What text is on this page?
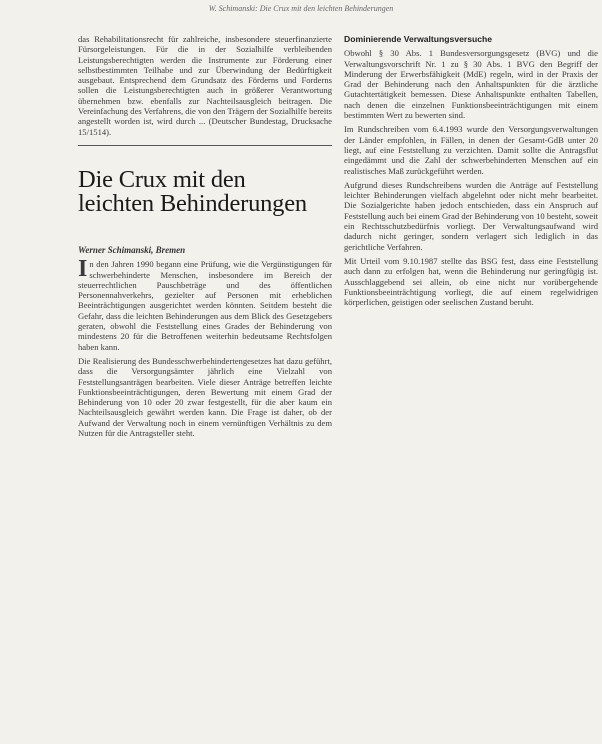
W. Schimanski: Die Crux mit den leichten Behinderungen

das Rehabilitationsrecht für zahlreiche, insbesondere steuerfinanzierte Fürsorgeleistungen. Für die in der Sozialhilfe verbleibenden Leistungsberechtigten werden die Instrumente zur Förderung einer selbstbestimmten Teilhabe und zur Überwindung der Bedürftigkeit ausgebaut. Entsprechend dem Grundsatz des Förderns und Forderns sollen die Leistungsberechtigten auch in größerer Verantwortung übernehmen bzw. ebenfalls zur Nachteilsausgleich beitragen. Die Vereinfachung des Verfahrens, die von den Trägern der Sozialhilfe bereits angestellt worden ist, wird durch ... (Deutscher Bundestag, Drucksache 15/1514).

Die Crux mit den
leichten Behinderungen

Werner Schimanski, Bremen

In den Jahren 1990 begann eine Prüfung, wie die Vergünstigungen für schwerbehinderte Menschen, insbesondere im Bereich der steuerrechtlichen Pauschbeträge und des öffentlichen Personennahverkehrs, gezielter auf Personen mit erheblichen Beeinträchtigungen ausgerichtet werden könnten. Seitdem besteht die Gefahr, dass die leichten Behinderungen aus dem Blick des Gesetzgebers geraten, obwohl die Feststellung eines Grades der Behinderung von mindestens 20 für die Betroffenen weiterhin bedeutsame Rechtsfolgen haben kann.

Die Realisierung des Bundesschwerbehindertengesetzes hat dazu geführt, dass die Versorgungsämter jährlich eine Vielzahl von Feststellungsanträgen bearbeiten. Viele dieser Anträge betreffen leichte Funktionsbeeinträchtigungen, deren Bewertung mit einem Grad der Behinderung von 10 oder 20 zwar festgestellt, für die aber kaum ein Nachteilsausgleich gewährt werden kann. Die Frage ist daher, ob der Aufwand der Verwaltung noch in einem vernünftigen Verhältnis zu dem Nutzen für die Antragsteller steht.

Dominierende Verwaltungsversuche

Obwohl § 30 Abs. 1 Bundesversorgungsgesetz (BVG) und die Verwaltungsvorschrift Nr. 1 zu § 30 Abs. 1 BVG den Begriff der Minderung der Erwerbsfähigkeit (MdE) regeln, wird in der Praxis der Grad der Behinderung nach den Anhaltspunkten für die ärztliche Gutachtertätigkeit bemessen. Diese Anhaltspunkte enthalten Tabellen, nach denen die einzelnen Funktionsbeeinträchtigungen mit einem bestimmten Wert zu bewerten sind.

Im Rundschreiben vom 6.4.1993 wurde den Versorgungsverwaltungen der Länder empfohlen, in Fällen, in denen der Gesamt-GdB unter 20 liegt, auf eine Feststellung zu verzichten. Damit sollte die Antragsflut eingedämmt und die Zahl der schwerbehinderten Menschen auf ein realistisches Maß zurückgeführt werden.

Aufgrund dieses Rundschreibens wurden die Anträge auf Feststellung leichter Behinderungen vielfach abgelehnt oder nicht mehr bearbeitet. Die Sozialgerichte haben jedoch entschieden, dass ein Anspruch auf Feststellung auch bei einem Grad der Behinderung von 10 besteht, soweit ein Rechtsschutzbedürfnis vorliegt. Der Verwaltungsaufwand wird dadurch nicht geringer, sondern verlagert sich lediglich in das gerichtliche Verfahren.

Mit Urteil vom 9.10.1987 stellte das BSG fest, dass eine Feststellung auch dann zu erfolgen hat, wenn die Behinderung nur geringfügig ist. Ausschlaggebend sei allein, ob eine nicht nur vorübergehende Funktionsbeeinträchtigung vorliegt, die auf einem regelwidrigen körperlichen, geistigen oder seelischen Zustand beruht.
